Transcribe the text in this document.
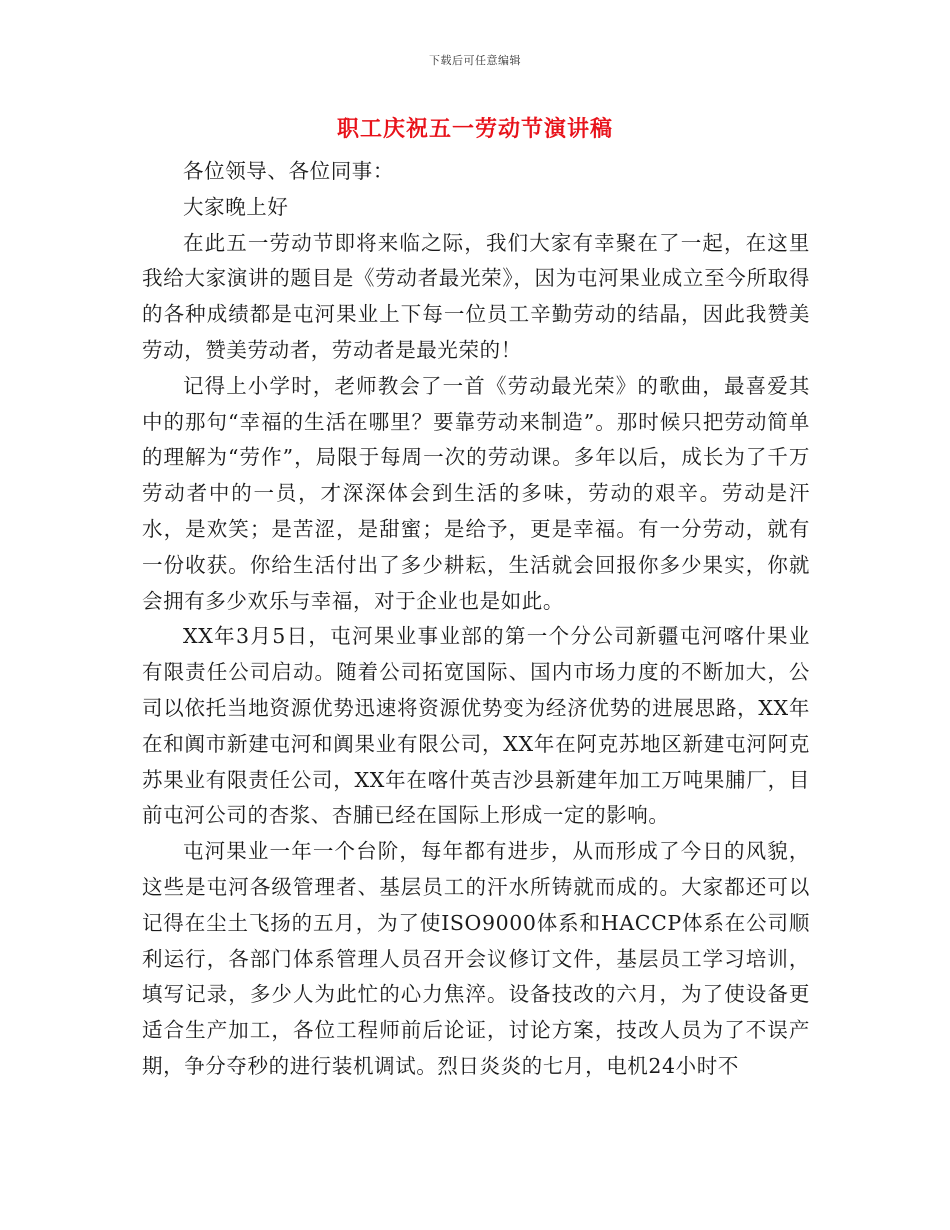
下载后可任意编辑
职工庆祝五一劳动节演讲稿

各位领导、各位同事：

大家晚上好

在此五一劳动节即将来临之际，我们大家有幸聚在了一起，在这里我给大家演讲的题目是《劳动者最光荣》，因为屯河果业成立至今所取得的各种成绩都是屯河果业上下每一位员工辛勤劳动的结晶，因此我赞美劳动，赞美劳动者，劳动者是最光荣的！

记得上小学时，老师教会了一首《劳动最光荣》的歌曲，最喜爱其中的那句“幸福的生活在哪里？要靠劳动来制造”。那时候只把劳动简单的理解为“劳作”，局限于每周一次的劳动课。多年以后，成长为了千万劳动者中的一员，才深深体会到生活的多味，劳动的艰辛。劳动是汗水，是欢笑；是苦涩，是甜蜜；是给予，更是幸福。有一分劳动，就有一份收获。你给生活付出了多少耕耘，生活就会回报你多少果实，你就会拥有多少欢乐与幸福，对于企业也是如此。

XX年3月5日，屯河果业事业部的第一个分公司新疆屯河喀什果业有限责任公司启动。随着公司拓宽国际、国内市场力度的不断加大，公司以依托当地资源优势迅速将资源优势变为经济优势的进展思路，XX年在和阗市新建屯河和阗果业有限公司，XX年在阿克苏地区新建屯河阿克苏果业有限责任公司，XX年在喀什英吉沙县新建年加工万吨果脯厂，目前屯河公司的杏浆、杏脯已经在国际上形成一定的影响。

屯河果业一年一个台阶，每年都有进步，从而形成了今日的风貌，这些是屯河各级管理者、基层员工的汗水所铸就而成的。大家都还可以记得在尘土飞扬的五月，为了使ISO9000体系和HACCP体系在公司顺利运行，各部门体系管理人员召开会议修订文件，基层员工学习培训，填写记录，多少人为此忙的心力焦淬。设备技改的六月，为了使设备更适合生产加工，各位工程师前后论证，讨论方案，技改人员为了不误产期，争分夺秒的进行装机调试。烈日炎炎的七月，电机24小时不
